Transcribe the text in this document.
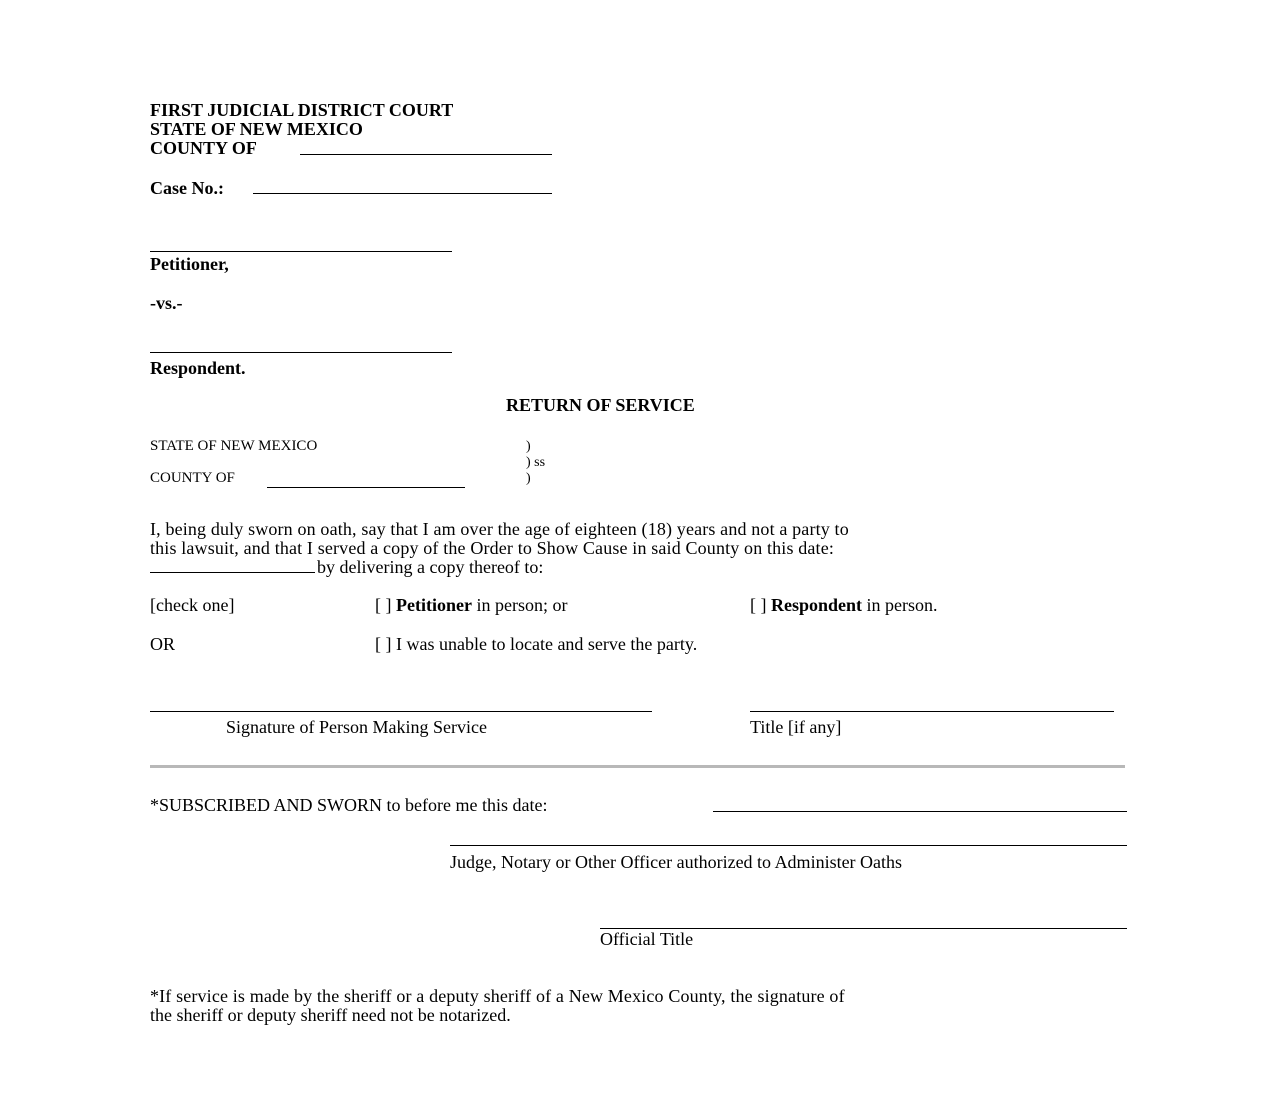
FIRST JUDICIAL DISTRICT COURT
STATE OF NEW MEXICO
COUNTY OF
Case No.:
Petitioner,
-vs.-
Respondent.
RETURN OF SERVICE
STATE OF NEW MEXICO	)
) ss
COUNTY OF	)
I, being duly sworn on oath, say that I am over the age of eighteen (18) years and not a party to
this lawsuit, and that I served a copy of the Order to Show Cause in said County on this date:
by delivering a copy thereof to:
[check one]	[ ] Petitioner in person; or	[ ] Respondent in person.
OR	[ ] I was unable to locate and serve the party.
Signature of Person Making Service	Title [if any]
*SUBSCRIBED AND SWORN to before me this date:
Judge, Notary or Other Officer authorized to Administer Oaths
Official Title
*If service is made by the sheriff or a deputy sheriff of a New Mexico County, the signature of
the sheriff or deputy sheriff need not be notarized.
